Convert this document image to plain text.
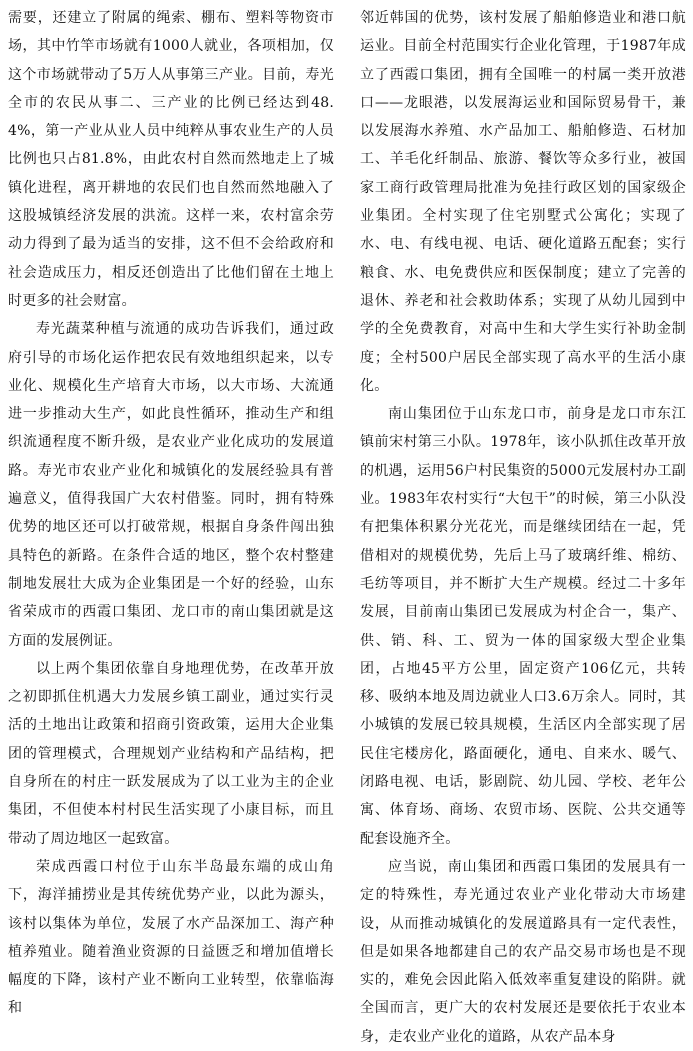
需要，还建立了附属的绳索、棚布、塑料等物资市场，其中竹竿市场就有1000人就业，各项相加，仅这个市场就带动了5万人从事第三产业。目前，寿光全市的农民从事二、三产业的比例已经达到48.4%，第一产业从业人员中纯粹从事农业生产的人员比例也只占81.8%，由此农村自然而然地走上了城镇化进程，离开耕地的农民们也自然而然地融入了这股城镇经济发展的洪流。这样一来，农村富余劳动力得到了最为适当的安排，这不但不会给政府和社会造成压力，相反还创造出了比他们留在土地上时更多的社会财富。

寿光蔬菜种植与流通的成功告诉我们，通过政府引导的市场化运作把农民有效地组织起来，以专业化、规模化生产培育大市场，以大市场、大流通进一步推动大生产，如此良性循环，推动生产和组织流通程度不断升级，是农业产业化成功的发展道路。寿光市农业产业化和城镇化的发展经验具有普遍意义，值得我国广大农村借鉴。同时，拥有特殊优势的地区还可以打破常规，根据自身条件闯出独具特色的新路。在条件合适的地区，整个农村整建制地发展壮大成为企业集团是一个好的经验，山东省荣成市的西霞口集团、龙口市的南山集团就是这方面的发展例证。

以上两个集团依靠自身地理优势，在改革开放之初即抓住机遇大力发展乡镇工副业，通过实行灵活的土地出让政策和招商引资政策，运用大企业集团的管理模式，合理规划产业结构和产品结构，把自身所在的村庄一跃发展成为了以工业为主的企业集团，不但使本村村民生活实现了小康目标，而且带动了周边地区一起致富。

荣成西霞口村位于山东半岛最东端的成山角下，海洋捕捞业是其传统优势产业，以此为源头，该村以集体为单位，发展了水产品深加工、海产种植养殖业。随着渔业资源的日益匮乏和增加值增长幅度的下降，该村产业不断向工业转型，依靠临海和

邻近韩国的优势，该村发展了船舶修造业和港口航运业。目前全村范围实行企业化管理，于1987年成立了西霞口集团，拥有全国唯一的村属一类开放港口——龙眼港，以发展海运业和国际贸易骨干，兼以发展海水养殖、水产品加工、船舶修造、石材加工、羊毛化纤制品、旅游、餐饮等众多行业，被国家工商行政管理局批准为免挂行政区划的国家级企业集团。全村实现了住宅别墅式公寓化；实现了水、电、有线电视、电话、硬化道路五配套；实行粮食、水、电免费供应和医保制度；建立了完善的退休、养老和社会救助体系；实现了从幼儿园到中学的全免费教育，对高中生和大学生实行补助金制度；全村500户居民全部实现了高水平的生活小康化。

南山集团位于山东龙口市，前身是龙口市东江镇前宋村第三小队。1978年，该小队抓住改革开放的机遇，运用56户村民集资的5000元发展村办工副业。1983年农村实行“大包干”的时候，第三小队没有把集体积累分光花光，而是继续团结在一起，凭借相对的规模优势，先后上马了玻璃纤维、棉纺、毛纺等项目，并不断扩大生产规模。经过二十多年发展，目前南山集团已发展成为村企合一，集产、供、销、科、工、贸为一体的国家级大型企业集团，占地45平方公里，固定资产106亿元，共转移、吸纳本地及周边就业人口3.6万余人。同时，其小城镇的发展已较具规模，生活区内全部实现了居民住宅楼房化，路面硬化，通电、自来水、暖气、闭路电视、电话，影剧院、幼儿园、学校、老年公寓、体育场、商场、农贸市场、医院、公共交通等配套设施齐全。

应当说，南山集团和西霞口集团的发展具有一定的特殊性，寿光通过农业产业化带动大市场建设，从而推动城镇化的发展道路具有一定代表性，但是如果各地都建自己的农产品交易市场也是不现实的，难免会因此陷入低效率重复建设的陷阱。就全国而言，更广大的农村发展还是要依托于农业本身，走农业产业化的道路，从农产品本身
